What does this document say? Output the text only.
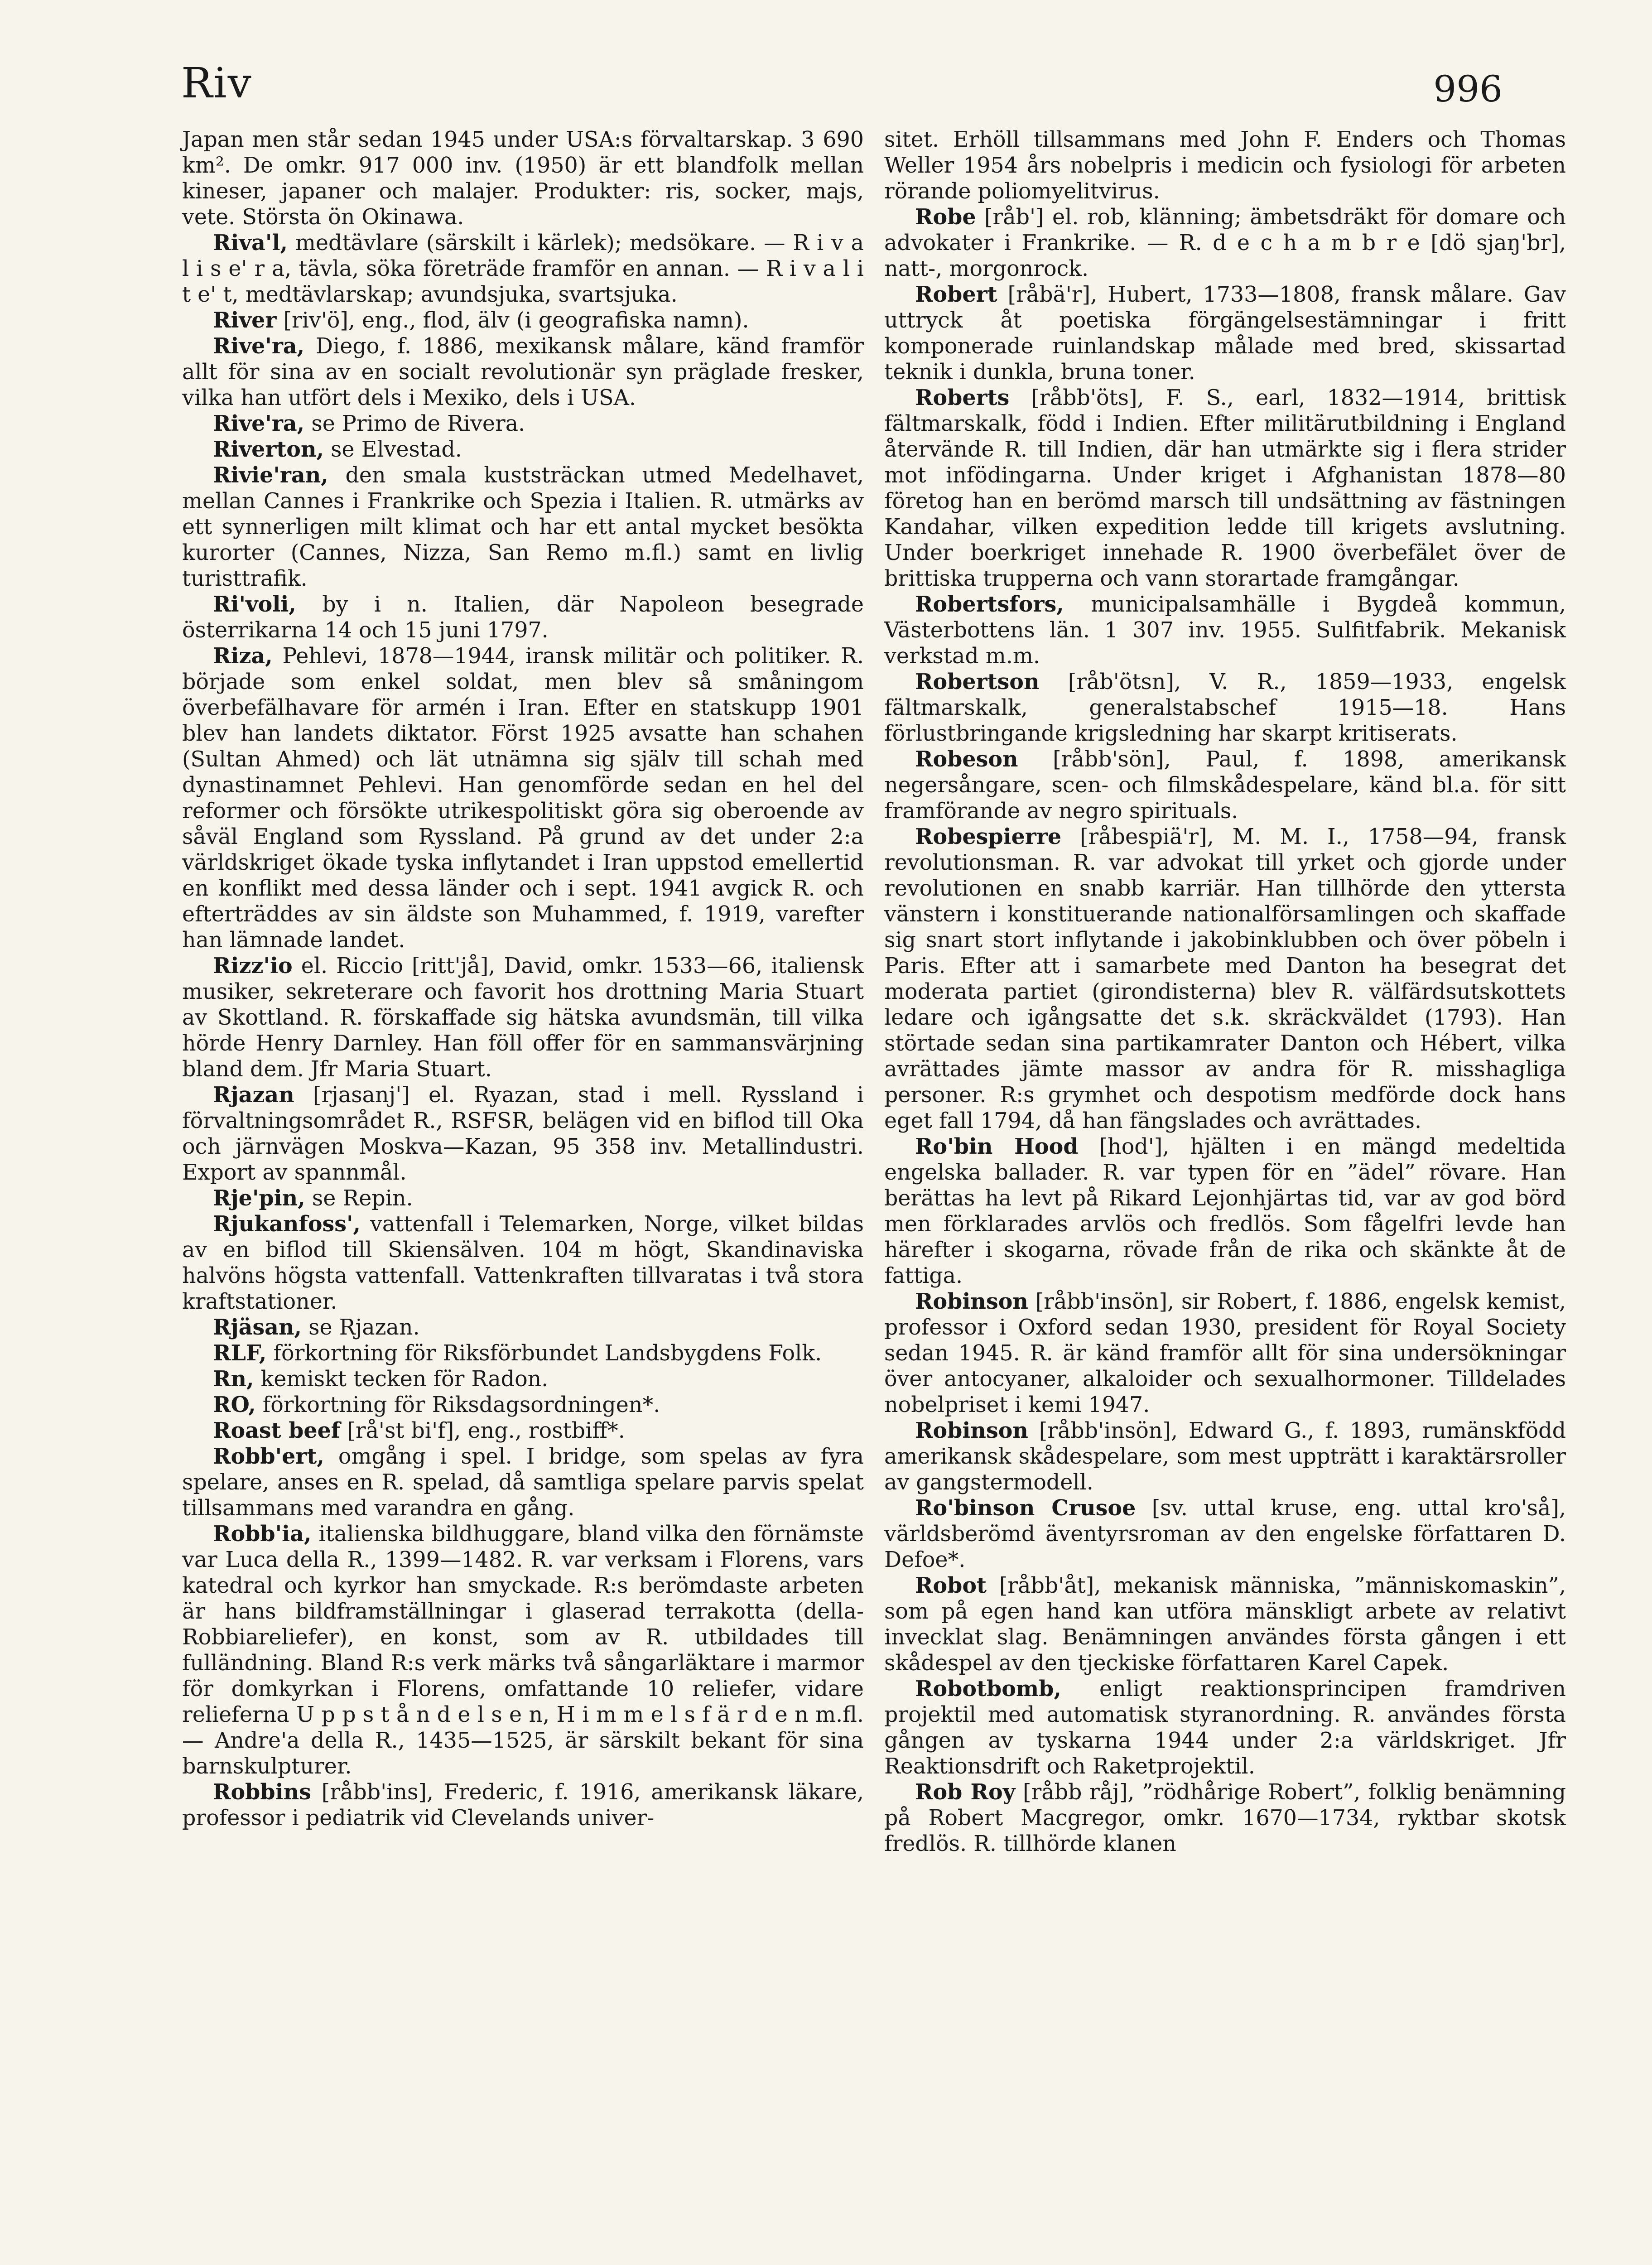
Riv	996

Japan men står sedan 1945 under USA:s förvaltarskap. 3 690 km². De omkr. 917 000 inv. (1950) är ett blandfolk mellan kineser, japaner och malajer. Produkter: ris, socker, majs, vete. Största ön Okinawa.

Riva'l, medtävlare (särskilt i kärlek); medsökare. — R i v a l i s e' r a, tävla, söka företräde framför en annan. — R i v a l i t e' t, medtävlarskap; avundsjuka, svartsjuka.

River [riv'ö], eng., flod, älv (i geografiska namn).

Rive'ra, Diego, f. 1886, mexikansk målare, känd framför allt för sina av en socialt revolutionär syn präglade fresker, vilka han utfört dels i Mexiko, dels i USA.

Rive'ra, se Primo de Rivera.

Riverton, se Elvestad.

Rivie'ran, den smala kuststräckan utmed Medelhavet, mellan Cannes i Frankrike och Spezia i Italien. R. utmärks av ett synnerligen milt klimat och har ett antal mycket besökta kurorter (Cannes, Nizza, San Remo m.fl.) samt en livlig turisttrafik.

Ri'voli, by i n. Italien, där Napoleon besegrade österrikarna 14 och 15 juni 1797.

Riza, Pehlevi, 1878—1944, iransk militär och politiker. R. började som enkel soldat, men blev så småningom överbefälhavare för armén i Iran. Efter en statskupp 1901 blev han landets diktator. Först 1925 avsatte han schahen (Sultan Ahmed) och lät utnämna sig själv till schah med dynastinamnet Pehlevi. Han genomförde sedan en hel del reformer och försökte utrikespolitiskt göra sig oberoende av såväl England som Ryssland. På grund av det under 2:a världskriget ökade tyska inflytandet i Iran uppstod emellertid en konflikt med dessa länder och i sept. 1941 avgick R. och efterträddes av sin äldste son Muhammed, f. 1919, varefter han lämnade landet.

Rizz'io el. Riccio [ritt'jå], David, omkr. 1533—66, italiensk musiker, sekreterare och favorit hos drottning Maria Stuart av Skottland. R. förskaffade sig hätska avundsmän, till vilka hörde Henry Darnley. Han föll offer för en sammansvärjning bland dem. Jfr Maria Stuart.

Rjazan [rjasanj'] el. Ryazan, stad i mell. Ryssland i förvaltningsområdet R., RSFSR, belägen vid en biflod till Oka och järnvägen Moskva—Kazan, 95 358 inv. Metallindustri. Export av spannmål.

Rje'pin, se Repin.

Rjukanfoss', vattenfall i Telemarken, Norge, vilket bildas av en biflod till Skiensälven. 104 m högt, Skandinaviska halvöns högsta vattenfall. Vattenkraften tillvaratas i två stora kraftstationer.

Rjäsan, se Rjazan.

RLF, förkortning för Riksförbundet Landsbygdens Folk.

Rn, kemiskt tecken för Radon.

RO, förkortning för Riksdagsordningen*.

Roast beef [rå'st bi'f], eng., rostbiff*.

Robb'ert, omgång i spel. I bridge, som spelas av fyra spelare, anses en R. spelad, då samtliga spelare parvis spelat tillsammans med varandra en gång.

Robb'ia, italienska bildhuggare, bland vilka den förnämste var Luca della R., 1399—1482. R. var verksam i Florens, vars katedral och kyrkor han smyckade. R:s berömdaste arbeten är hans bildframställningar i glaserad terrakotta (della-Robbiareliefer), en konst, som av R. utbildades till fulländning. Bland R:s verk märks två sångarläktare i marmor för domkyrkan i Florens, omfattande 10 reliefer, vidare relieferna U p p s t å n d e l s e n, H i m m e l s f ä r d e n m.fl. — Andre'a della R., 1435—1525, är särskilt bekant för sina barnskulpturer.

Robbins [råbb'ins], Frederic, f. 1916, amerikansk läkare, professor i pediatrik vid Clevelands univer-

sitet. Erhöll tillsammans med John F. Enders och Thomas Weller 1954 års nobelpris i medicin och fysiologi för arbeten rörande poliomyelitvirus.

Robe [råb'] el. rob, klänning; ämbetsdräkt för domare och advokater i Frankrike. — R. d e c h a m b r e [dö sjaŋ'br], natt-, morgonrock.

Robert [råbä'r], Hubert, 1733—1808, fransk målare. Gav uttryck åt poetiska förgängelsestämningar i fritt komponerade ruinlandskap målade med bred, skissartad teknik i dunkla, bruna toner.

Roberts [råbb'öts], F. S., earl, 1832—1914, brittisk fältmarskalk, född i Indien. Efter militärutbildning i England återvände R. till Indien, där han utmärkte sig i flera strider mot infödingarna. Under kriget i Afghanistan 1878—80 företog han en berömd marsch till undsättning av fästningen Kandahar, vilken expedition ledde till krigets avslutning. Under boerkriget innehade R. 1900 överbefälet över de brittiska trupperna och vann storartade framgångar.

Robertsfors, municipalsamhälle i Bygdeå kommun, Västerbottens län. 1 307 inv. 1955. Sulfitfabrik. Mekanisk verkstad m.m.

Robertson [råb'ötsn], V. R., 1859—1933, engelsk fältmarskalk, generalstabschef 1915—18. Hans förlustbringande krigsledning har skarpt kritiserats.

Robeson [råbb'sön], Paul, f. 1898, amerikansk negersångare, scen- och filmskådespelare, känd bl.a. för sitt framförande av negro spirituals.

Robespierre [råbespiä'r], M. M. I., 1758—94, fransk revolutionsman. R. var advokat till yrket och gjorde under revolutionen en snabb karriär. Han tillhörde den yttersta vänstern i konstituerande nationalförsamlingen och skaffade sig snart stort inflytande i jakobinklubben och över pöbeln i Paris. Efter att i samarbete med Danton ha besegrat det moderata partiet (girondisterna) blev R. välfärdsutskottets ledare och igångsatte det s.k. skräckväldet (1793). Han störtade sedan sina partikamrater Danton och Hébert, vilka avrättades jämte massor av andra för R. misshagliga personer. R:s grymhet och despotism medförde dock hans eget fall 1794, då han fängslades och avrättades.

Ro'bin Hood [hod'], hjälten i en mängd medeltida engelska ballader. R. var typen för en ”ädel” rövare. Han berättas ha levt på Rikard Lejonhjärtas tid, var av god börd men förklarades arvlös och fredlös. Som fågelfri levde han härefter i skogarna, rövade från de rika och skänkte åt de fattiga.

Robinson [råbb'insön], sir Robert, f. 1886, engelsk kemist, professor i Oxford sedan 1930, president för Royal Society sedan 1945. R. är känd framför allt för sina undersökningar över antocyaner, alkaloider och sexualhormoner. Tilldelades nobelpriset i kemi 1947.

Robinson [råbb'insön], Edward G., f. 1893, rumänskfödd amerikansk skådespelare, som mest uppträtt i karaktärsroller av gangstermodell.

Ro'binson Crusoe [sv. uttal kruse, eng. uttal kro'så], världsberömd äventyrsroman av den engelske författaren D. Defoe*.

Robot [råbb'åt], mekanisk människa, ”människomaskin”, som på egen hand kan utföra mänskligt arbete av relativt invecklat slag. Benämningen användes första gången i ett skådespel av den tjeckiske författaren Karel Capek.

Robotbomb, enligt reaktionsprincipen framdriven projektil med automatisk styranordning. R. användes första gången av tyskarna 1944 under 2:a världskriget. Jfr Reaktionsdrift och Raketprojektil.

Rob Roy [råbb råj], ”rödhårige Robert”, folklig benämning på Robert Macgregor, omkr. 1670—1734, ryktbar skotsk fredlös. R. tillhörde klanen
